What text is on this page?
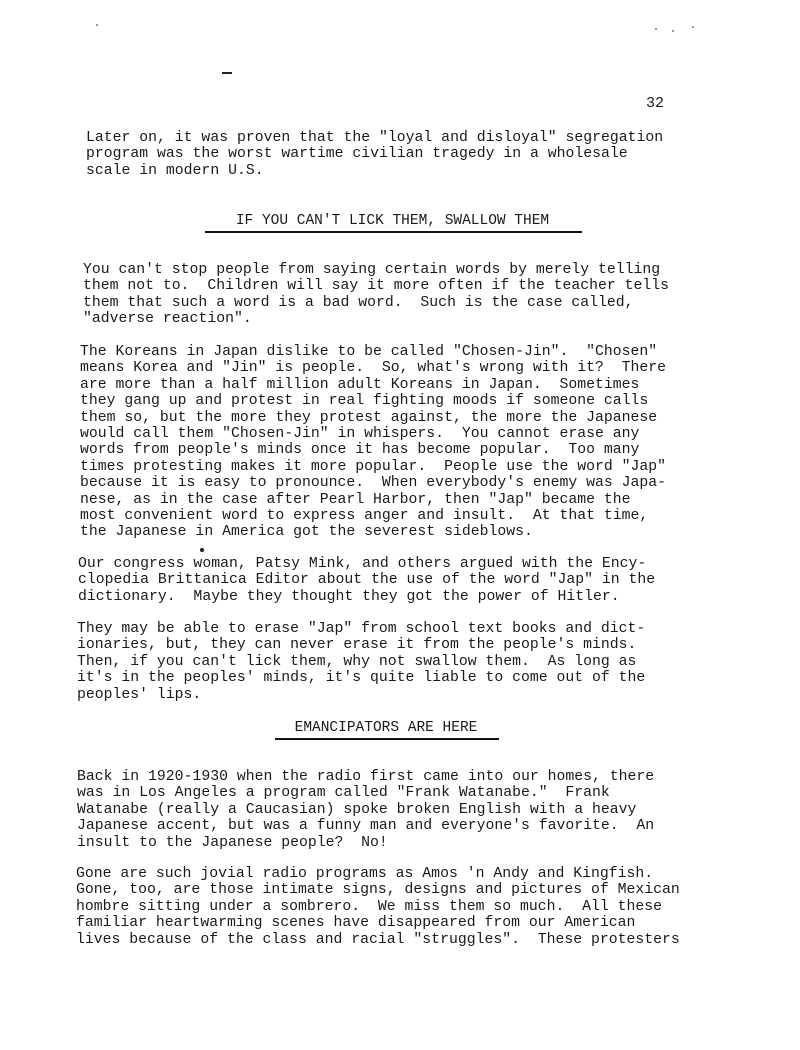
32

Later on, it was proven that the "loyal and disloyal" segregation
program was the worst wartime civilian tragedy in a wholesale
scale in modern U.S.

IF YOU CAN'T LICK THEM, SWALLOW THEM

You can't stop people from saying certain words by merely telling
them not to.  Children will say it more often if the teacher tells
them that such a word is a bad word.  Such is the case called,
"adverse reaction".

The Koreans in Japan dislike to be called "Chosen-Jin".  "Chosen"
means Korea and "Jin" is people.  So, what's wrong with it?  There
are more than a half million adult Koreans in Japan.  Sometimes
they gang up and protest in real fighting moods if someone calls
them so, but the more they protest against, the more the Japanese
would call them "Chosen-Jin" in whispers.  You cannot erase any
words from people's minds once it has become popular.  Too many
times protesting makes it more popular.  People use the word "Jap"
because it is easy to pronounce.  When everybody's enemy was Japa-
nese, as in the case after Pearl Harbor, then "Jap" became the
most convenient word to express anger and insult.  At that time,
the Japanese in America got the severest sideblows.

Our congress woman, Patsy Mink, and others argued with the Ency-
clopedia Brittanica Editor about the use of the word "Jap" in the
dictionary.  Maybe they thought they got the power of Hitler.

They may be able to erase "Jap" from school text books and dict-
ionaries, but, they can never erase it from the people's minds.
Then, if you can't lick them, why not swallow them.  As long as
it's in the peoples' minds, it's quite liable to come out of the
peoples' lips.

EMANCIPATORS ARE HERE

Back in 1920-1930 when the radio first came into our homes, there
was in Los Angeles a program called "Frank Watanabe."  Frank
Watanabe (really a Caucasian) spoke broken English with a heavy
Japanese accent, but was a funny man and everyone's favorite.  An
insult to the Japanese people?  No!

Gone are such jovial radio programs as Amos 'n Andy and Kingfish.
Gone, too, are those intimate signs, designs and pictures of Mexican
hombre sitting under a sombrero.  We miss them so much.  All these
familiar heartwarming scenes have disappeared from our American
lives because of the class and racial "struggles".  These protesters
